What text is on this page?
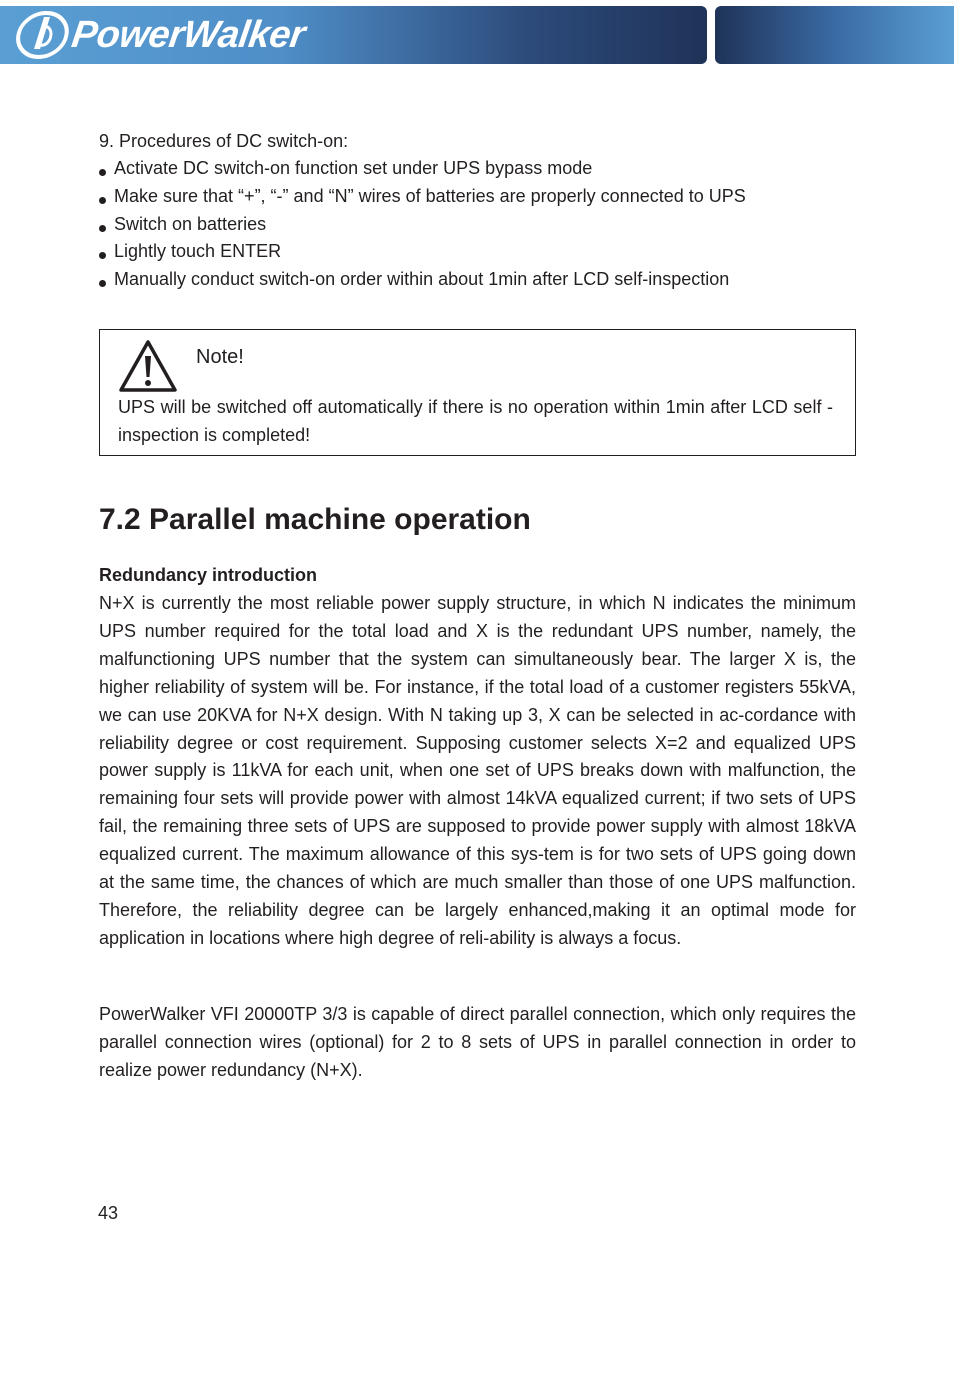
PowerWalker
9. Procedures of DC switch-on:
Activate DC switch-on function set under UPS bypass mode
Make sure that “+”, “-” and “N” wires of batteries are properly connected to UPS
Switch on batteries
Lightly touch ENTER
Manually conduct switch-on order within about 1min after LCD self-inspection
Note!
UPS will be switched off automatically if there is no operation within 1min after LCD self -inspection is completed!
7.2 Parallel machine operation
Redundancy introduction

N+X is currently the most reliable power supply structure, in which N indicates the minimum UPS number required for the total load and X is the redundant UPS number, namely, the malfunctioning UPS number that the system can simultaneously bear. The larger X is, the higher reliability of system will be. For instance, if the total load of a customer registers 55kVA, we can use 20KVA for N+X design. With N taking up 3, X can be selected in ac-cordance with reliability degree or cost requirement. Supposing customer selects X=2 and equalized UPS power supply is 11kVA for each unit, when one set of UPS breaks down with malfunction, the remaining four sets will provide power with almost 14kVA equalized current; if two sets of UPS fail, the remaining three sets of UPS are supposed to provide power supply with almost 18kVA equalized current. The maximum allowance of this sys-tem is for two sets of UPS going down at the same time, the chances of which are much smaller than those of one UPS malfunction. Therefore, the reliability degree can be largely enhanced,making it an optimal mode for application in locations where high degree of reli-ability is always a focus.

PowerWalker VFI 20000TP 3/3 is capable of direct parallel connection, which only requires the parallel connection wires (optional) for 2 to 8 sets of UPS in parallel connection in order to realize power redundancy (N+X).

43
